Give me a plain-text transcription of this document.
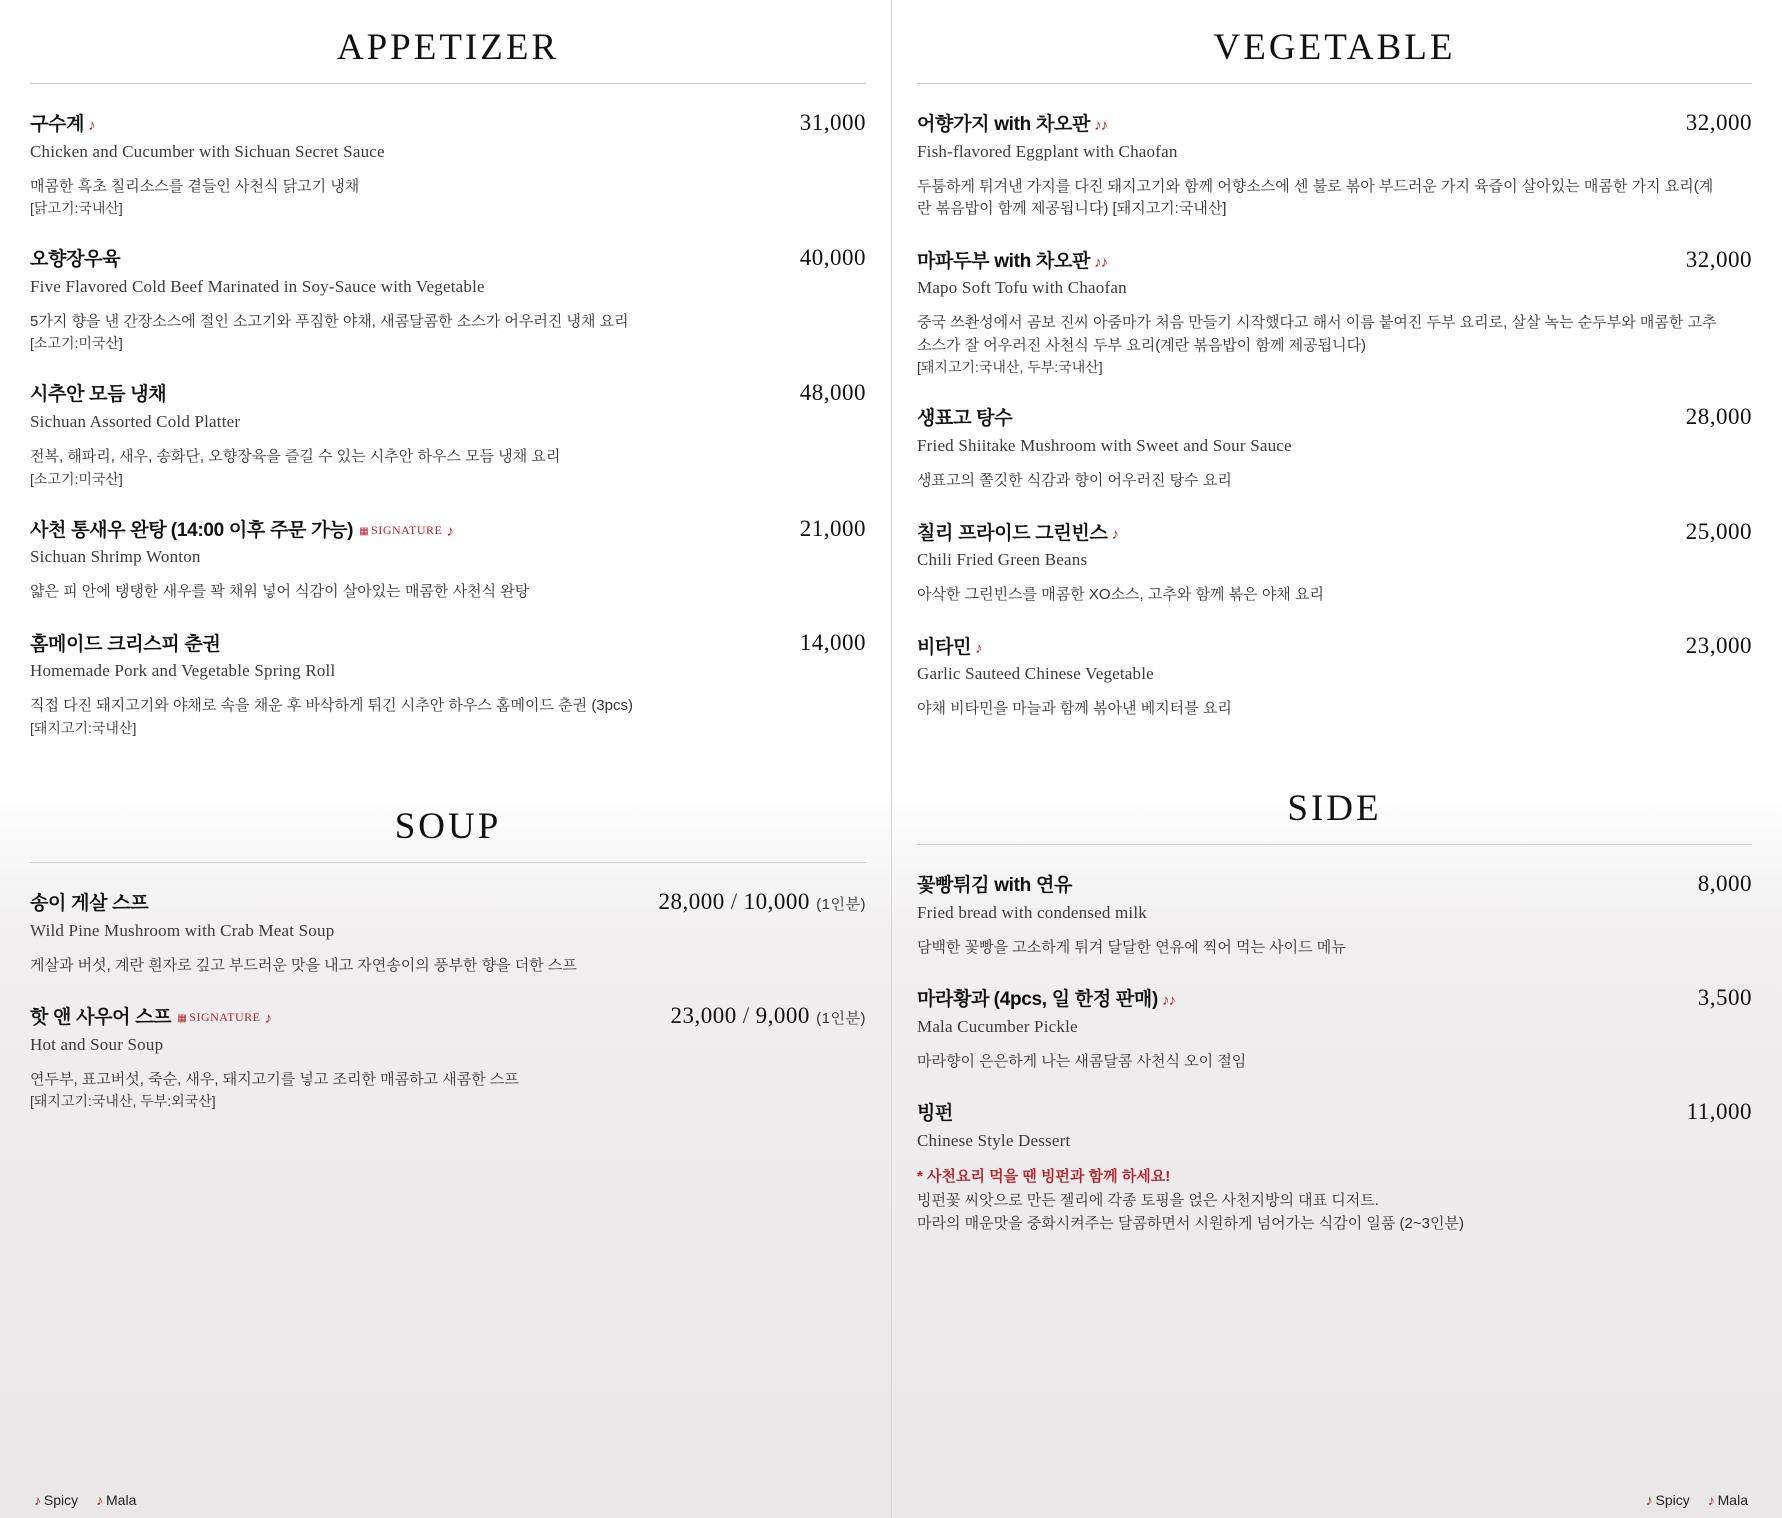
APPETIZER
구수계 ♪	31,000
Chicken and Cucumber with Sichuan Secret Sauce
매콤한 흑초 칠리소스를 곁들인 사천식 닭고기 냉채
[닭고기:국내산]
오향장우육	40,000
Five Flavored Cold Beef Marinated in Soy-Sauce with Vegetable
5가지 향을 낸 간장소스에 절인 소고기와 푸짐한 야채, 새콤달콤한 소스가 어우러진 냉채 요리
[소고기:미국산]
시추안 모듬 냉채	48,000
Sichuan Assorted Cold Platter
전복, 해파리, 새우, 송화단, 오향장육을 즐길 수 있는 시추안 하우스 모듬 냉채 요리
[소고기:미국산]
사천 통새우 완탕 (14:00 이후 주문 가능) ▦ SIGNATURE ♪	21,000
Sichuan Shrimp Wonton
얇은 피 안에 탱탱한 새우를 꽉 채워 넣어 식감이 살아있는 매콤한 사천식 완탕
홈메이드 크리스피 춘권	14,000
Homemade Pork and Vegetable Spring Roll
직접 다진 돼지고기와 야채로 속을 채운 후 바삭하게 튀긴 시추안 하우스 홈메이드 춘권 (3pcs)
[돼지고기:국내산]
SOUP
송이 게살 스프	28,000 / 10,000 (1인분)
Wild Pine Mushroom with Crab Meat Soup
게살과 버섯, 계란 흰자로 깊고 부드러운 맛을 내고 자연송이의 풍부한 향을 더한 스프
핫 앤 사우어 스프 ▦ SIGNATURE ♪	23,000 / 9,000 (1인분)
Hot and Sour Soup
연두부, 표고버섯, 죽순, 새우, 돼지고기를 넣고 조리한 매콤하고 새콤한 스프
[돼지고기:국내산, 두부:외국산]
♪ Spicy ♪ Mala
VEGETABLE
어향가지 with 차오판 ♪♪	32,000
Fish-flavored Eggplant with Chaofan
두툼하게 튀겨낸 가지를 다진 돼지고기와 함께 어향소스에 센 불로 볶아 부드러운 가지 육즙이 살아있는 매콤한 가지 요리(계란 볶음밥이 함께 제공됩니다) [돼지고기:국내산]
마파두부 with 차오판 ♪♪	32,000
Mapo Soft Tofu with Chaofan
중국 쓰촨성에서 곰보 진씨 아줌마가 처음 만들기 시작했다고 해서 이름 붙여진 두부 요리로, 살살 녹는 순두부와 매콤한 고추 소스가 잘 어우러진 사천식 두부 요리(계란 볶음밥이 함께 제공됩니다)
[돼지고기:국내산, 두부:국내산]
생표고 탕수	28,000
Fried Shiitake Mushroom with Sweet and Sour Sauce
생표고의 쫄깃한 식감과 향이 어우러진 탕수 요리
칠리 프라이드 그린빈스 ♪	25,000
Chili Fried Green Beans
아삭한 그린빈스를 매콤한 XO소스, 고추와 함께 볶은 야채 요리
비타민 ♪	23,000
Garlic Sauteed Chinese Vegetable
야채 비타민을 마늘과 함께 볶아낸 베지터블 요리
SIDE
꽃빵튀김 with 연유	8,000
Fried bread with condensed milk
담백한 꽃빵을 고소하게 튀겨 달달한 연유에 찍어 먹는 사이드 메뉴
마라황과 (4pcs, 일 한정 판매) ♪♪	3,500
Mala Cucumber Pickle
마라향이 은은하게 나는 새콤달콤 사천식 오이 절임
빙펀	11,000
Chinese Style Dessert
* 사천요리 먹을 땐 빙펀과 함께 하세요!
빙펀꽃 씨앗으로 만든 젤리에 각종 토핑을 얹은 사천지방의 대표 디저트.
마라의 매운맛을 중화시켜주는 달콤하면서 시원하게 넘어가는 식감이 일품 (2~3인분)
♪ Spicy ♪ Mala
